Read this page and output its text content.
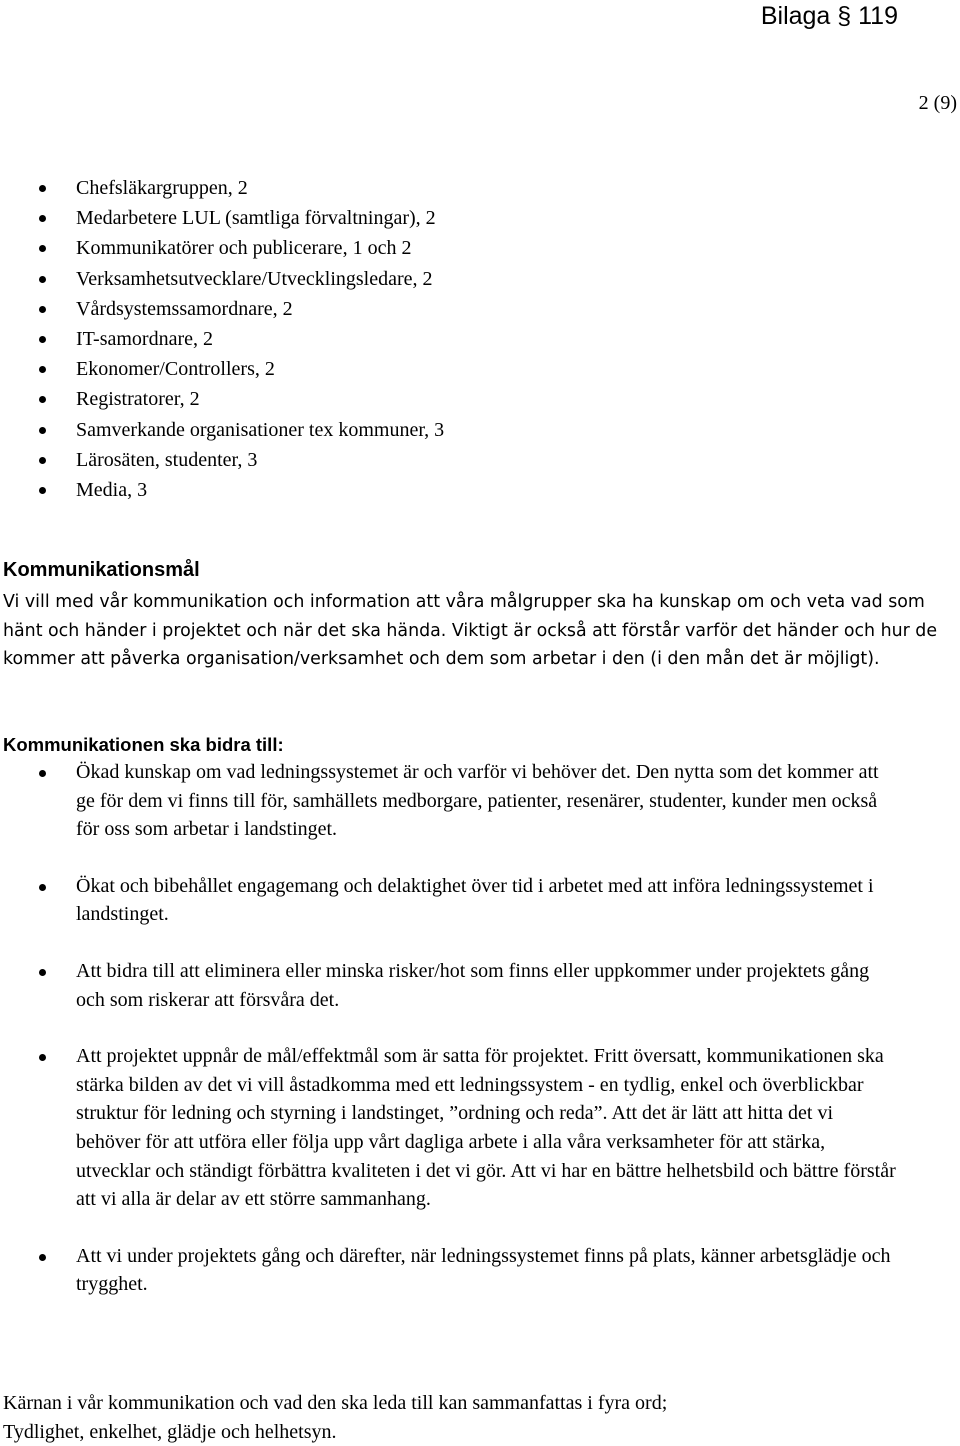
Bilaga § 119
2 (9)
Chefsläkargruppen, 2
Medarbetere LUL (samtliga förvaltningar), 2
Kommunikatörer och publicerare, 1 och 2
Verksamhetsutvecklare/Utvecklingsledare, 2
Vårdsystemssamordnare, 2
IT-samordnare, 2
Ekonomer/Controllers, 2
Registratorer, 2
Samverkande organisationer tex kommuner, 3
Lärosäten, studenter, 3
Media, 3
Kommunikationsmål
Vi vill med vår kommunikation och information att våra målgrupper ska ha kunskap om och veta vad som hänt och händer i projektet och när det ska hända. Viktigt är också att förstår varför det händer och hur de kommer att påverka organisation/verksamhet och dem som arbetar i den (i den mån det är möjligt).
Kommunikationen ska bidra till:
Ökad kunskap om vad ledningssystemet är och varför vi behöver det. Den nytta som det kommer att ge för dem vi finns till för, samhällets medborgare, patienter, resenärer, studenter, kunder men också för oss som arbetar i landstinget.
Ökat och bibehållet engagemang och delaktighet över tid i arbetet med att införa ledningssystemet i landstinget.
Att bidra till att eliminera eller minska risker/hot som finns eller uppkommer under projektets gång och som riskerar att försvåra det.
Att projektet uppnår de mål/effektmål som är satta för projektet. Fritt översatt, kommunikationen ska stärka bilden av det vi vill åstadkomma med ett ledningssystem - en tydlig, enkel och överblickbar struktur för ledning och styrning i landstinget, ”ordning och reda”. Att det är lätt att hitta det vi behöver för att utföra eller följa upp vårt dagliga arbete i alla våra verksamheter för att stärka, utvecklar och ständigt förbättra kvaliteten i det vi gör. Att vi har en bättre helhetsbild och bättre förstår att vi alla är delar av ett större sammanhang.
Att vi under projektets gång och därefter, när ledningssystemet finns på plats, känner arbetsglädje och trygghet.
Kärnan i vår kommunikation och vad den ska leda till kan sammanfattas i fyra ord;
Tydlighet, enkelhet, glädje och helhetsyn.
